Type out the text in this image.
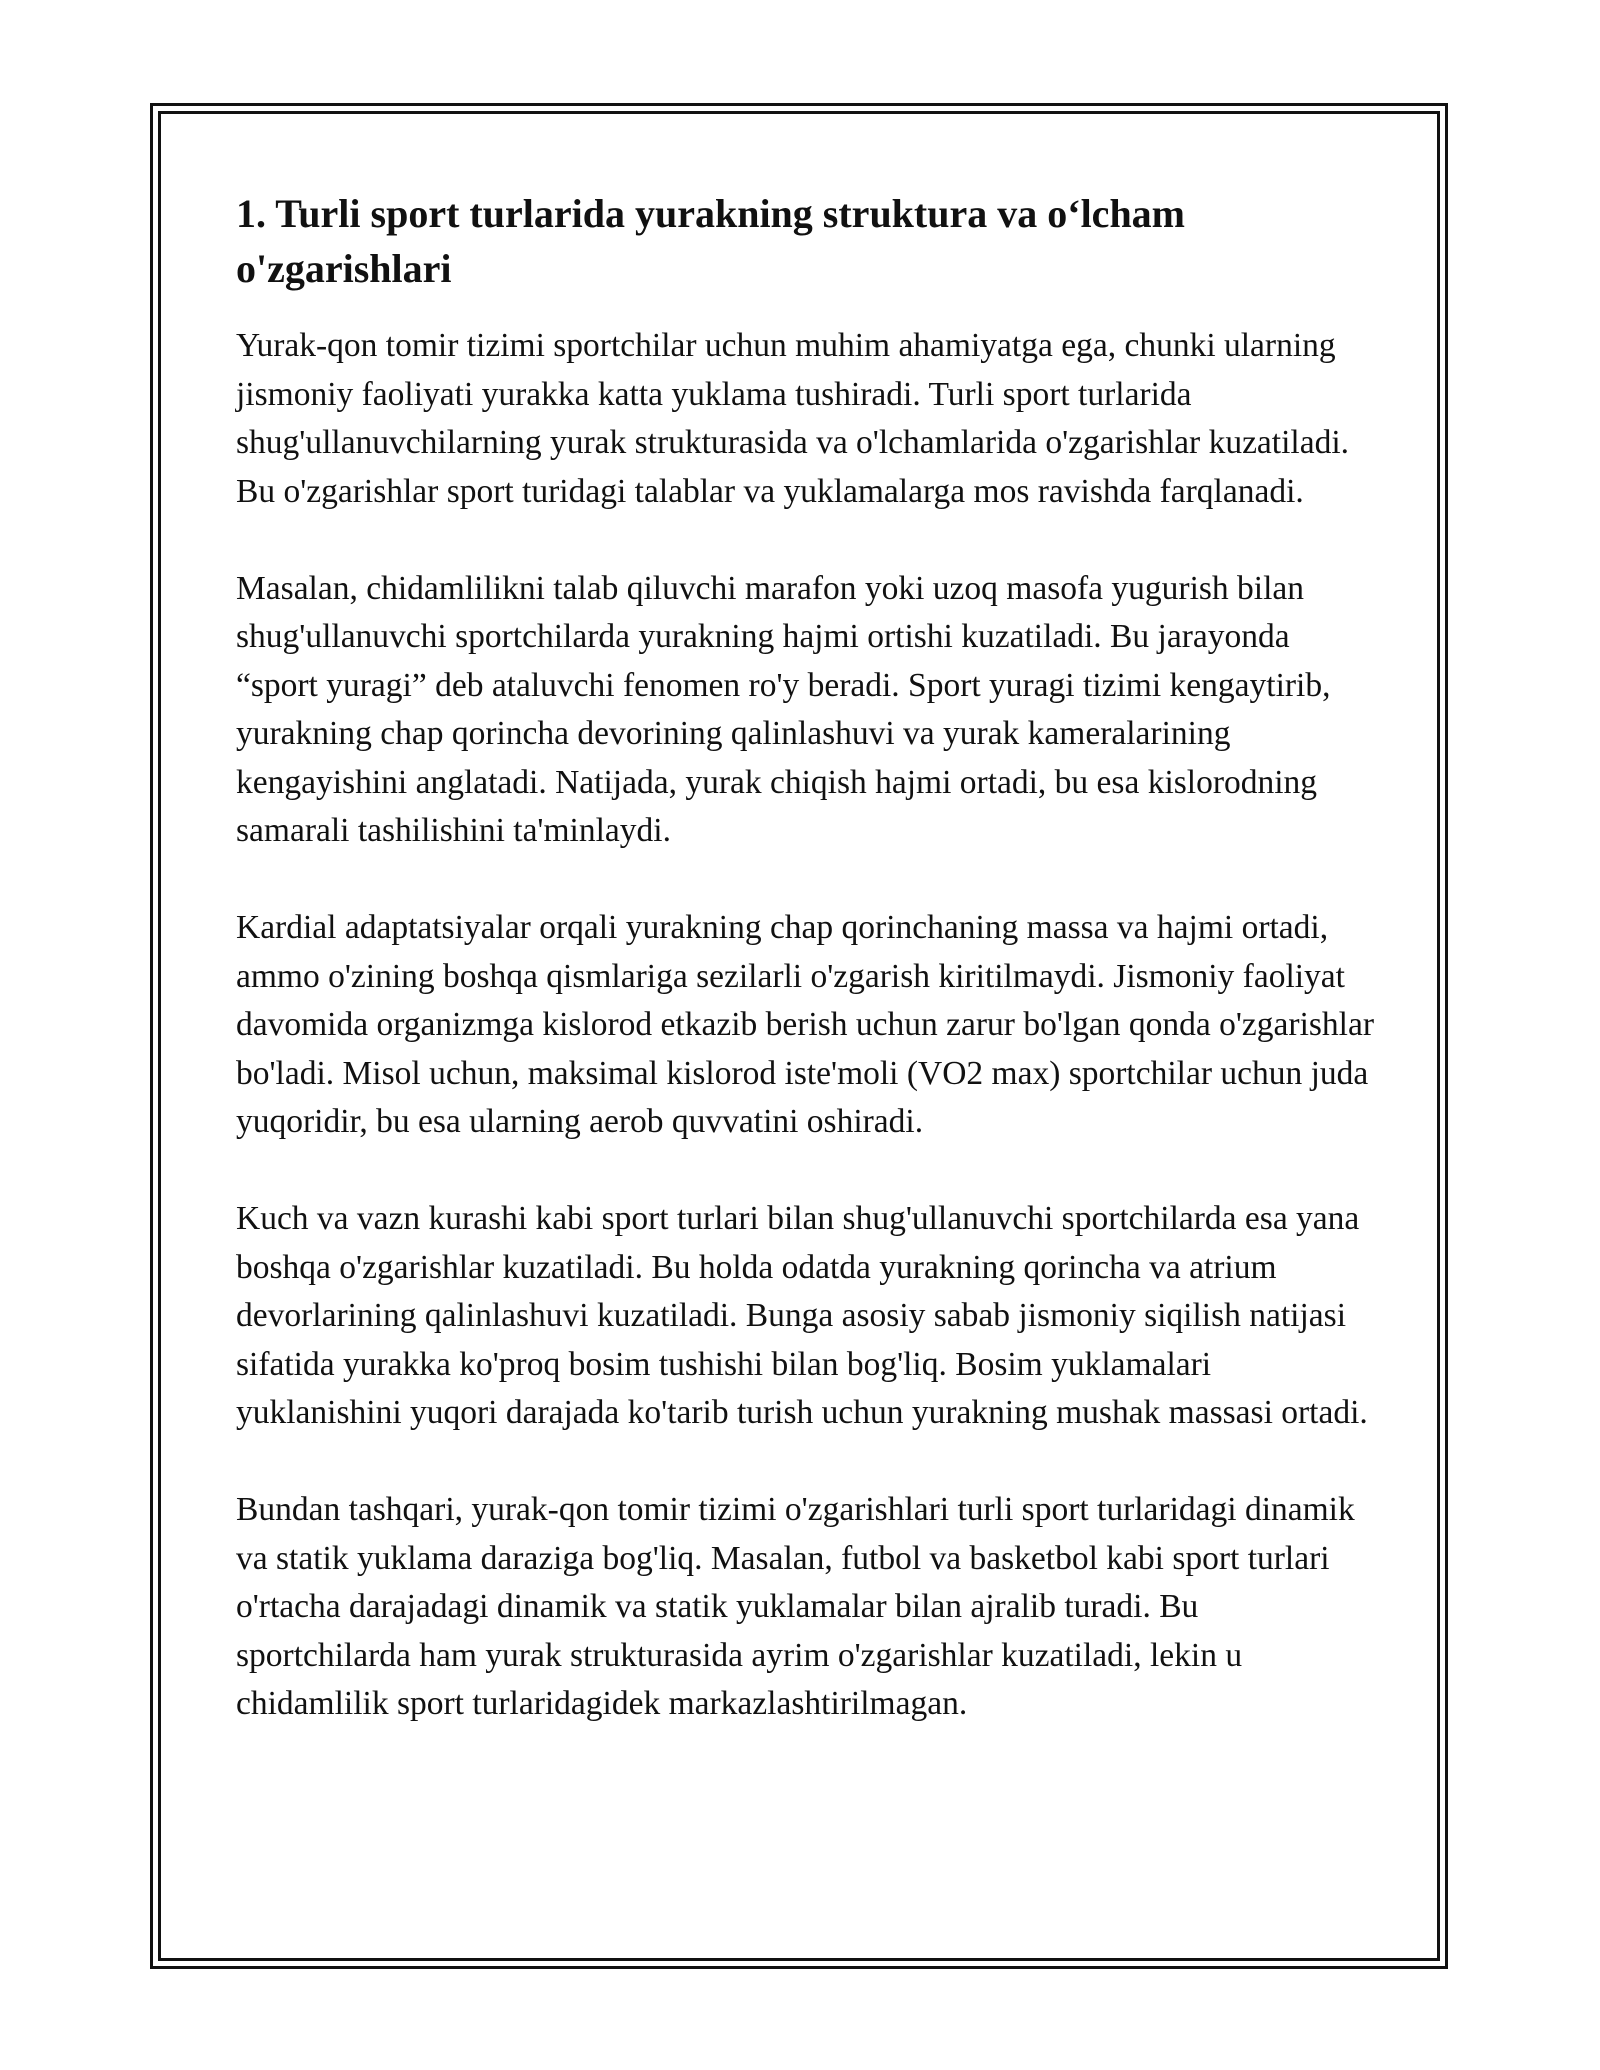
1. Turli sport turlarida yurakning struktura va o‘lcham o'zgarishlari

Yurak-qon tomir tizimi sportchilar uchun muhim ahamiyatga ega, chunki ularning jismoniy faoliyati yurakka katta yuklama tushiradi. Turli sport turlarida shug'ullanuvchilarning yurak strukturasida va o'lchamlarida o'zgarishlar kuzatiladi. Bu o'zgarishlar sport turidagi talablar va yuklamalarga mos ravishda farqlanadi.

Masalan, chidamlilikni talab qiluvchi marafon yoki uzoq masofa yugurish bilan shug'ullanuvchi sportchilarda yurakning hajmi ortishi kuzatiladi. Bu jarayonda “sport yuragi” deb ataluvchi fenomen ro'y beradi. Sport yuragi tizimi kengaytirib, yurakning chap qorincha devorining qalinlashuvi va yurak kameralarining kengayishini anglatadi. Natijada, yurak chiqish hajmi ortadi, bu esa kislorodning samarali tashilishini ta'minlaydi.

Kardial adaptatsiyalar orqali yurakning chap qorinchaning massa va hajmi ortadi, ammo o'zining boshqa qismlariga sezilarli o'zgarish kiritilmaydi. Jismoniy faoliyat davomida organizmga kislorod etkazib berish uchun zarur bo'lgan qonda o'zgarishlar bo'ladi. Misol uchun, maksimal kislorod iste'moli (VO2 max) sportchilar uchun juda yuqoridir, bu esa ularning aerob quvvatini oshiradi.

Kuch va vazn kurashi kabi sport turlari bilan shug'ullanuvchi sportchilarda esa yana boshqa o'zgarishlar kuzatiladi. Bu holda odatda yurakning qorincha va atrium devorlarining qalinlashuvi kuzatiladi. Bunga asosiy sabab jismoniy siqilish natijasi sifatida yurakka ko'proq bosim tushishi bilan bog'liq. Bosim yuklamalari yuklanishini yuqori darajada ko'tarib turish uchun yurakning mushak massasi ortadi.

Bundan tashqari, yurak-qon tomir tizimi o'zgarishlari turli sport turlaridagi dinamik va statik yuklama daraziga bog'liq. Masalan, futbol va basketbol kabi sport turlari o'rtacha darajadagi dinamik va statik yuklamalar bilan ajralib turadi. Bu sportchilarda ham yurak strukturasida ayrim o'zgarishlar kuzatiladi, lekin u chidamlilik sport turlaridagidek markazlashtirilmagan.
